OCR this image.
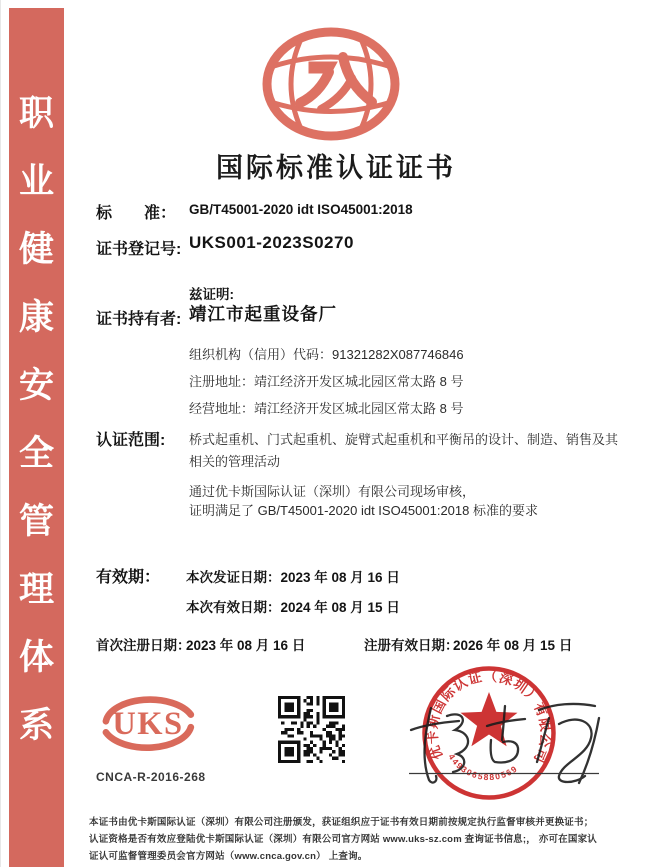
职
业
健
康
安
全
管
理
体
系
国际标准认证证书
标　　准： GB/T45001-2020 idt ISO45001:2018
证书登记号: UKS001-2023S0270
兹证明:
证书持有者: 靖江市起重设备厂
组织机构（信用）代码：91321282X087746846
注册地址：靖江经济开发区城北园区常太路 8 号
经营地址：靖江经济开发区城北园区常太路 8 号
认证范围: 桥式起重机、门式起重机、旋臂式起重机和平衡吊的设计、制造、销售及其
相关的管理活动
通过优卡斯国际认证（深圳）有限公司现场审核，
证明满足了 GB/T45001-2020 idt ISO45001:2018 标准的要求
有效期： 本次发证日期：2023 年 08 月 16 日
本次有效日期：2024 年 08 月 15 日
首次注册日期：
2023 年 08 月 16 日	注册有效日期：
2026 年 08 月 15 日
UKS
CNCA-R-2016-268
优卡斯国际认证（深圳）有限公司
4493065880569
本证书由优卡斯国际认证（深圳）有限公司注册颁发，获证组织应于证书有效日期前按规定执行监督审核并更换证书；
认证资格是否有效应登陆优卡斯国际认证（深圳）有限公司官方网站 www.uks-sz.com 查询证书信息;， 亦可在国家认
证认可监督管理委员会官方网站（www.cnca.gov.cn） 上查询。
